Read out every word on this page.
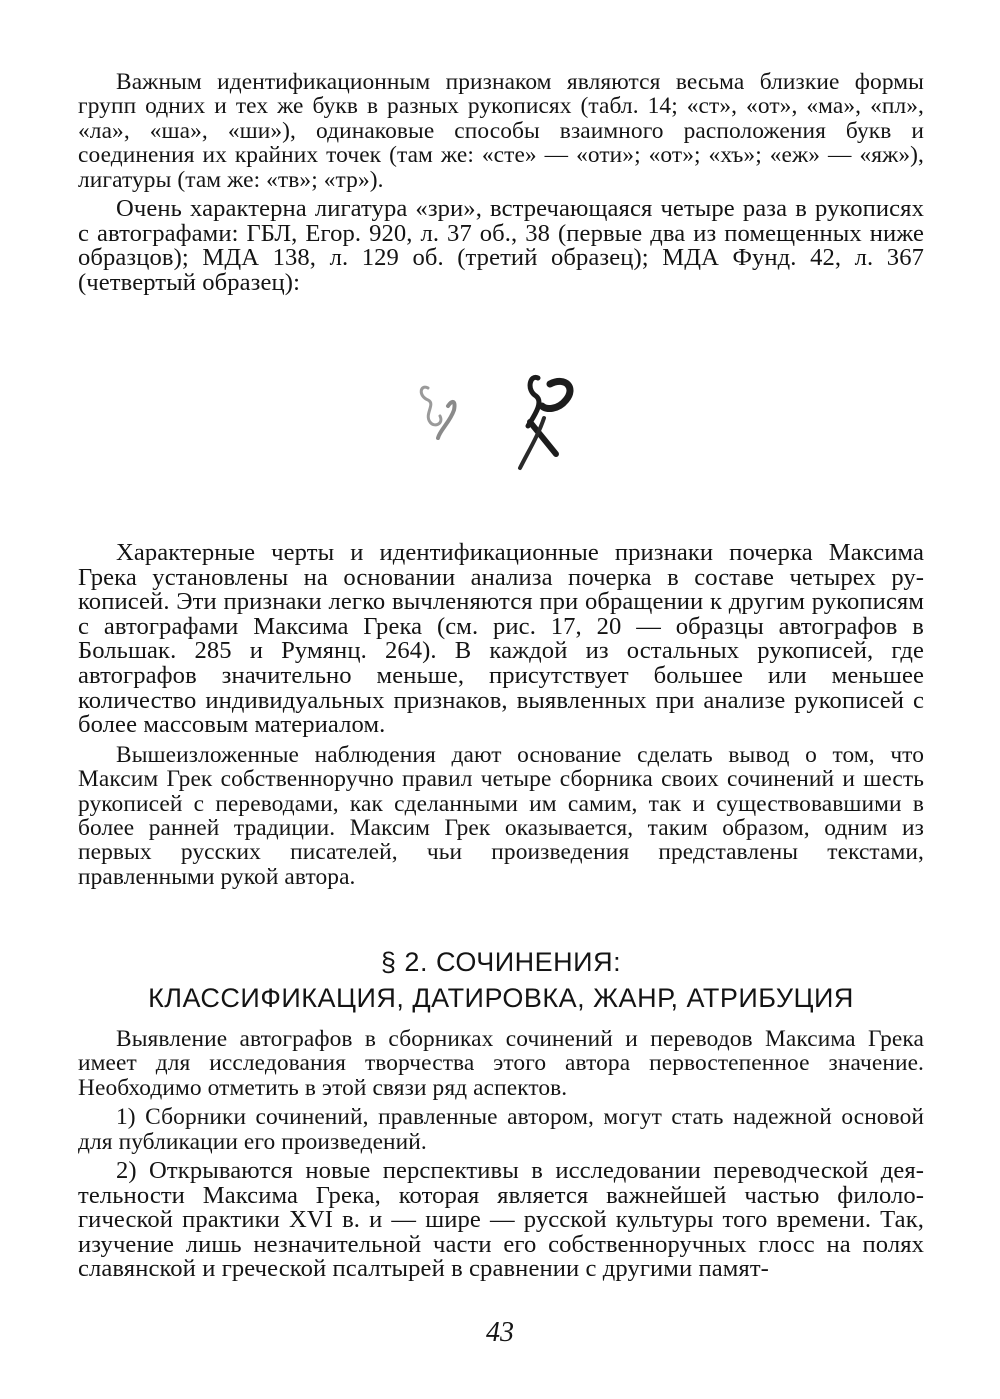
Важным идентификационным признаком являются весьма близкие формы групп одних и тех же букв в разных рукописях (табл. 14; «ст», «от», «ма», «пл», «ла», «ша», «ши»), одинаковые способы взаимного расположения букв и соединения их крайних точек (там же: «сте» — «оти»; «от»; «хъ»; «еж» — «яж»), лигатуры (там же: «тв»; «тр»).

Очень характерна лигатура «зри», встречающаяся четыре раза в рукописях с автографами: ГБЛ, Егор. 920, л. 37 об., 38 (первые два из помещенных ниже образцов); МДА 138, л. 129 об. (третий образец); МДА Фунд. 42, л. 367 (четвертый образец):

Характерные черты и идентификационные признаки почерка Максима Грека установлены на основании анализа почерка в составе четырех рукописей. Эти признаки легко вычленяются при обращении к другим рукописям с автографами Максима Грека (см. рис. 17, 20 — образцы автографов в Большак. 285 и Румянц. 264). В каждой из остальных рукописей, где автографов значительно меньше, присутствует большее или меньшее количество индивидуальных признаков, выявленных при анализе рукописей с более массовым материалом.

Вышеизложенные наблюдения дают основание сделать вывод о том, что Максим Грек собственноручно правил четыре сборника своих сочинений и шесть рукописей с переводами, как сделанными им самим, так и существовавшими в более ранней традиции. Максим Грек оказывается, таким образом, одним из первых русских писателей, чьи произведения представлены текстами, правленными рукой автора.

§ 2. СОЧИНЕНИЯ:
КЛАССИФИКАЦИЯ, ДАТИРОВКА, ЖАНР, АТРИБУЦИЯ

Выявление автографов в сборниках сочинений и переводов Максима Грека имеет для исследования творчества этого автора первостепенное значение. Необходимо отметить в этой связи ряд аспектов.

1) Сборники сочинений, правленные автором, могут стать надежной основой для публикации его произведений.

2) Открываются новые перспективы в исследовании переводческой деятельности Максима Грека, которая является важнейшей частью филологической практики XVI в. и — шире — русской культуры того времени. Так, изучение лишь незначительной части его собственноручных глосс на полях славянской и греческой псалтырей в сравнении с другими памят-

43
